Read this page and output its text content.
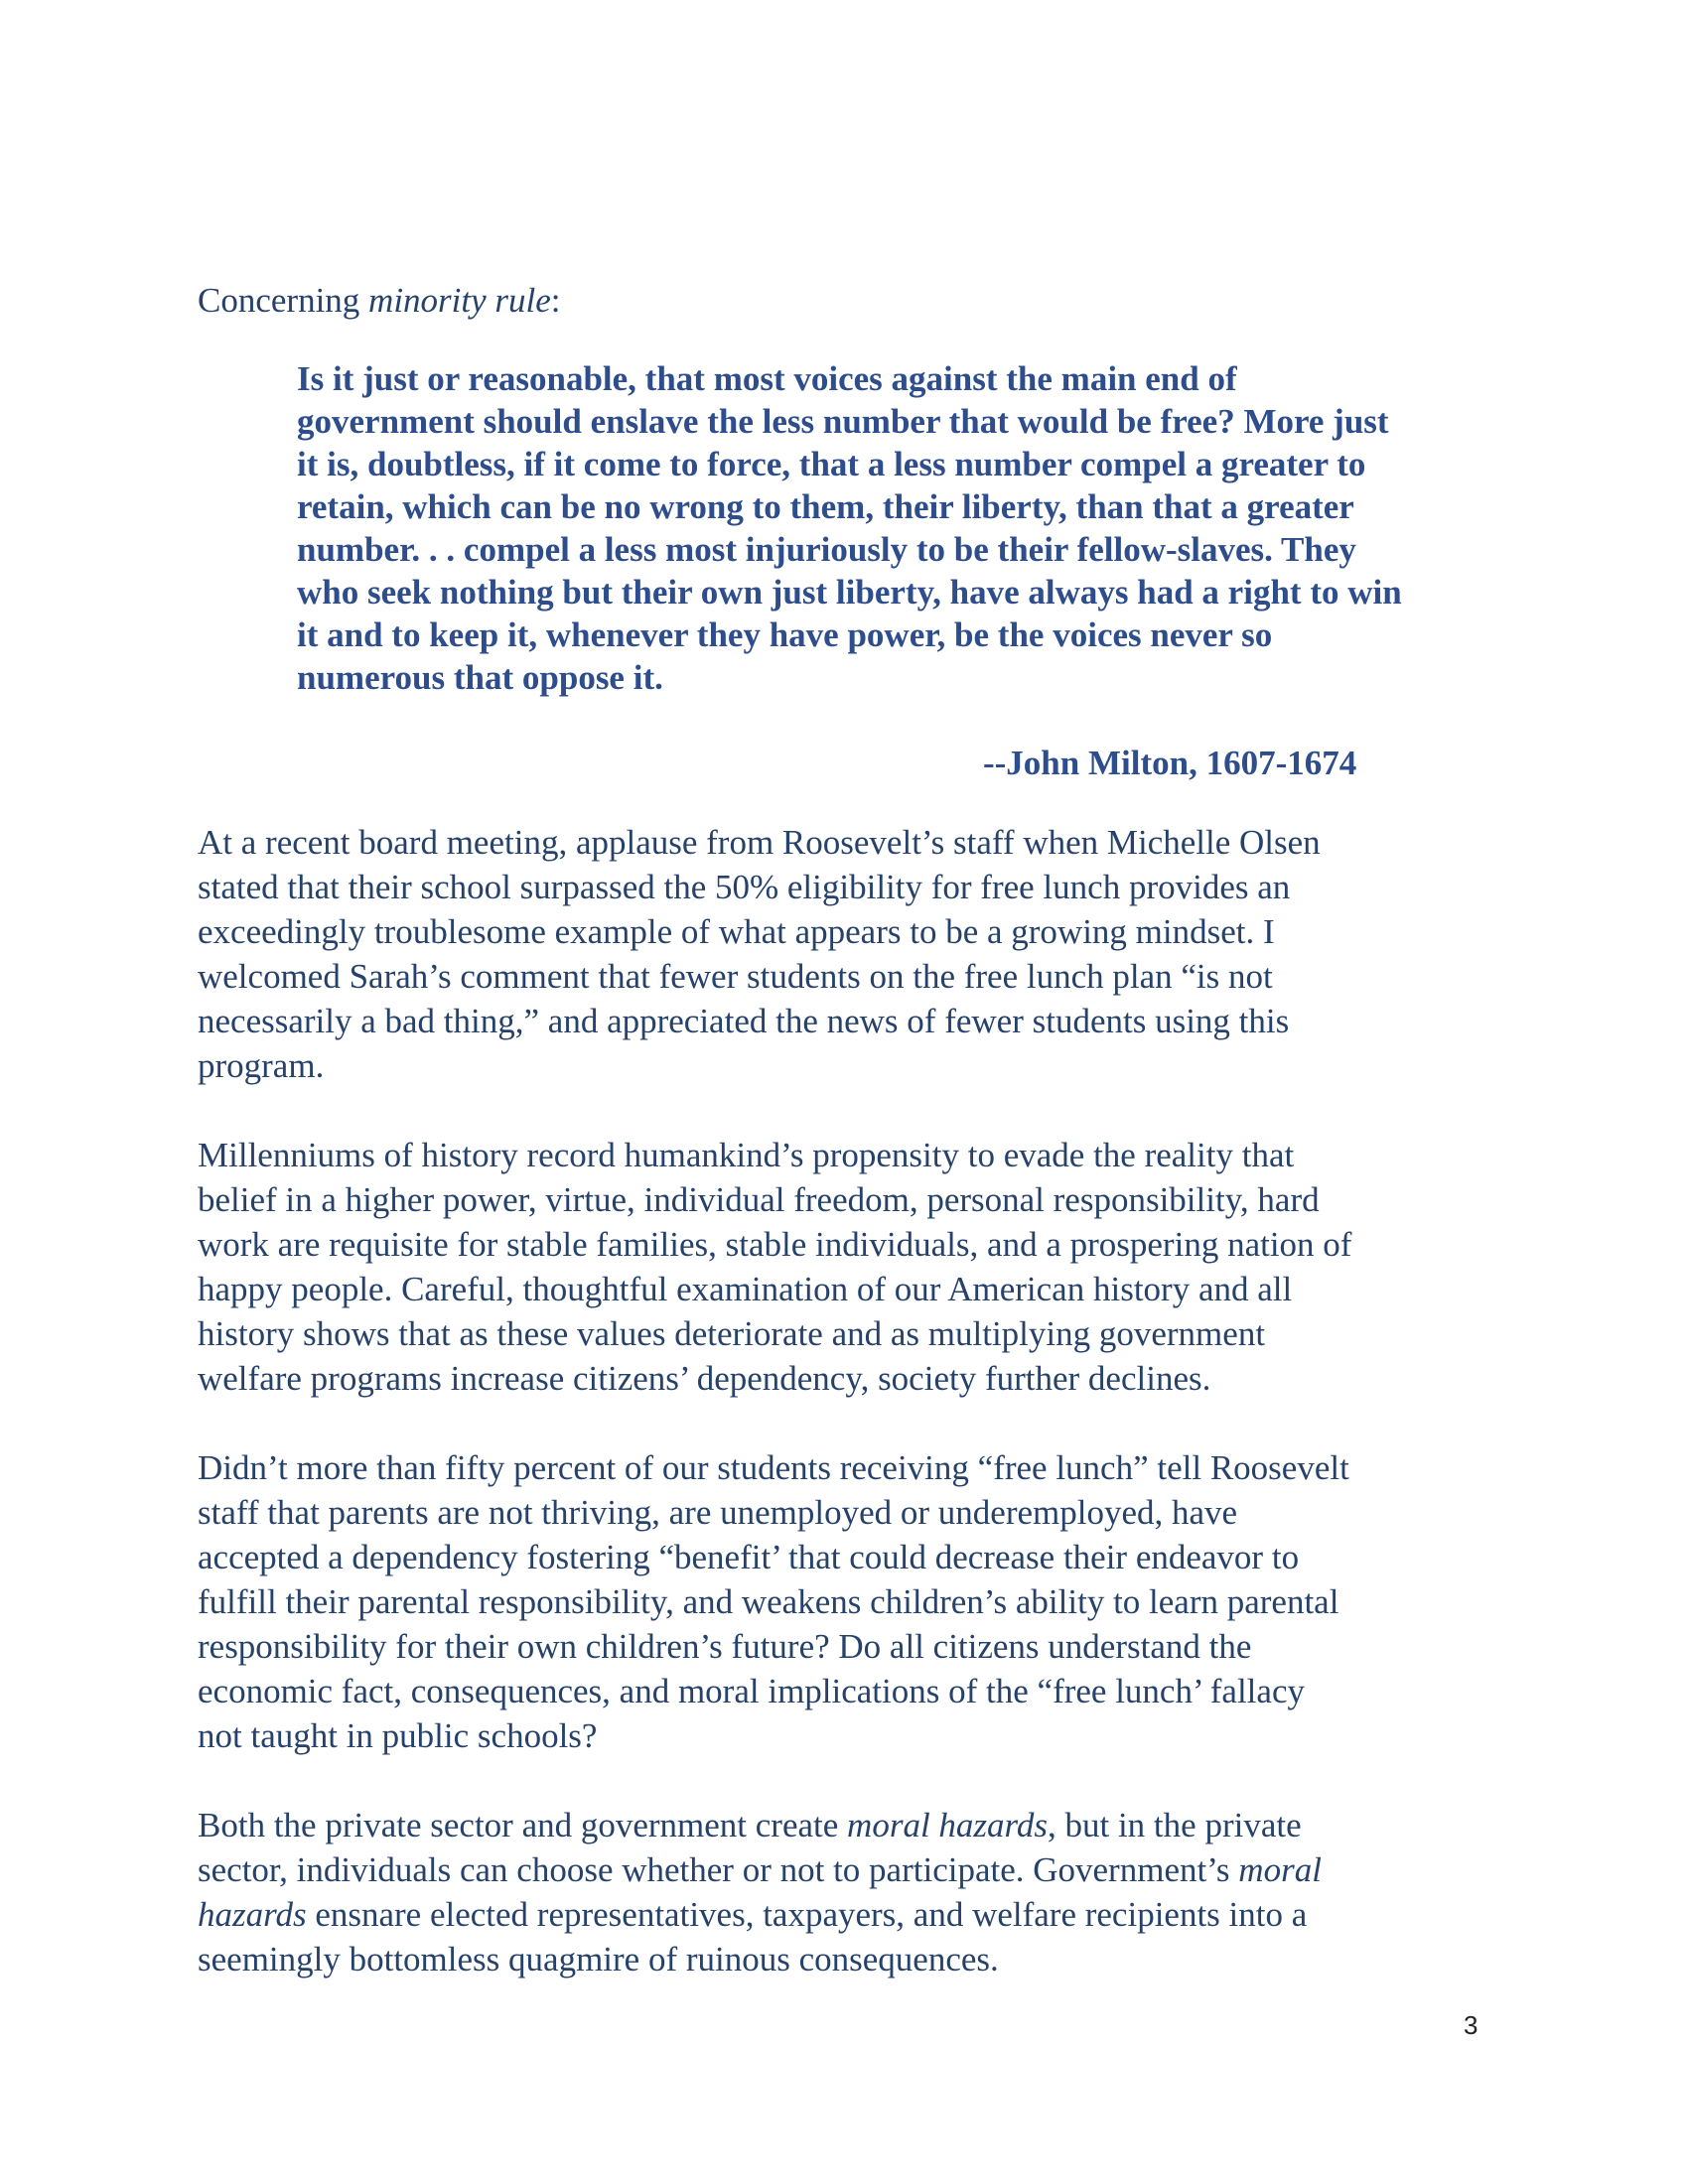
Concerning minority rule:

Is it just or reasonable, that most voices against the main end of
government should enslave the less number that would be free? More just
it is, doubtless, if it come to force, that a less number compel a greater to
retain, which can be no wrong to them, their liberty, than that a greater
number. . . compel a less most injuriously to be their fellow-slaves. They
who seek nothing but their own just liberty, have always had a right to win
it and to keep it, whenever they have power, be the voices never so
numerous that oppose it.

--John Milton, 1607-1674

At a recent board meeting, applause from Roosevelt’s staff when Michelle Olsen
stated that their school surpassed the 50% eligibility for free lunch provides an
exceedingly troublesome example of what appears to be a growing mindset. I
welcomed Sarah’s comment that fewer students on the free lunch plan “is not
necessarily a bad thing,” and appreciated the news of fewer students using this
program.
Millenniums of history record humankind’s propensity to evade the reality that
belief in a higher power, virtue, individual freedom, personal responsibility, hard
work are requisite for stable families, stable individuals, and a prospering nation of
happy people. Careful, thoughtful examination of our American history and all
history shows that as these values deteriorate and as multiplying government
welfare programs increase citizens’ dependency, society further declines.
Didn’t more than fifty percent of our students receiving “free lunch” tell Roosevelt
staff that parents are not thriving, are unemployed or underemployed, have
accepted a dependency fostering “benefit’ that could decrease their endeavor to
fulfill their parental responsibility, and weakens children’s ability to learn parental
responsibility for their own children’s future? Do all citizens understand the
economic fact, consequences, and moral implications of the “free lunch’ fallacy
not taught in public schools?
Both the private sector and government create moral hazards, but in the private
sector, individuals can choose whether or not to participate. Government’s moral
hazards ensnare elected representatives, taxpayers, and welfare recipients into a
seemingly bottomless quagmire of ruinous consequences.
3
